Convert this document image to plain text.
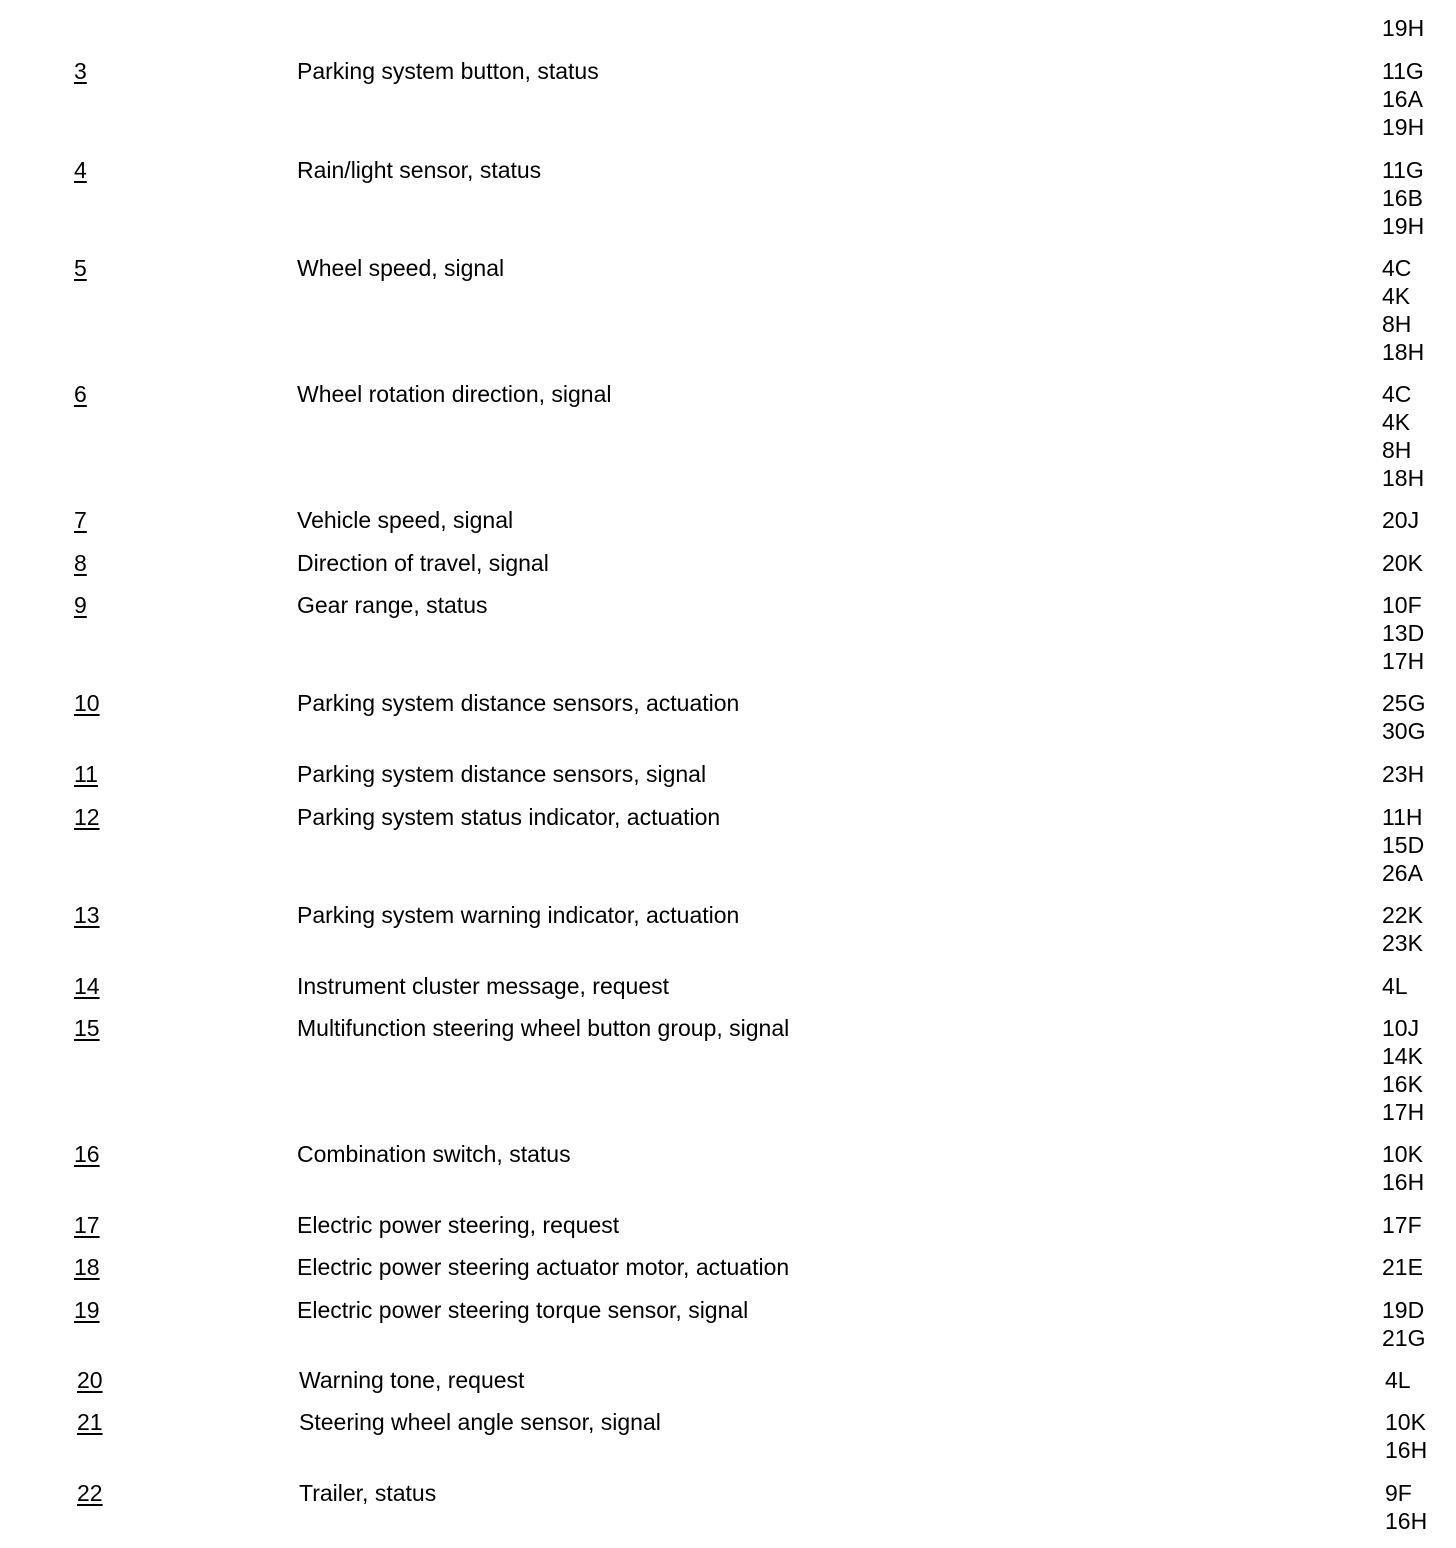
19H
3	Parking system button, status	11G
16A
19H
4	Rain/light sensor, status	11G
16B
19H
5	Wheel speed, signal	4C
4K
8H
18H
6	Wheel rotation direction, signal	4C
4K
8H
18H
7	Vehicle speed, signal	20J
8	Direction of travel, signal	20K
9	Gear range, status	10F
13D
17H
10	Parking system distance sensors, actuation	25G
30G
11	Parking system distance sensors, signal	23H
12	Parking system status indicator, actuation	11H
15D
26A
13	Parking system warning indicator, actuation	22K
23K
14	Instrument cluster message, request	4L
15	Multifunction steering wheel button group, signal	10J
14K
16K
17H
16	Combination switch, status	10K
16H
17	Electric power steering, request	17F
18	Electric power steering actuator motor, actuation	21E
19	Electric power steering torque sensor, signal	19D
21G
20	Warning tone, request	4L
21	Steering wheel angle sensor, signal	10K
16H
22	Trailer, status	9F
16H
